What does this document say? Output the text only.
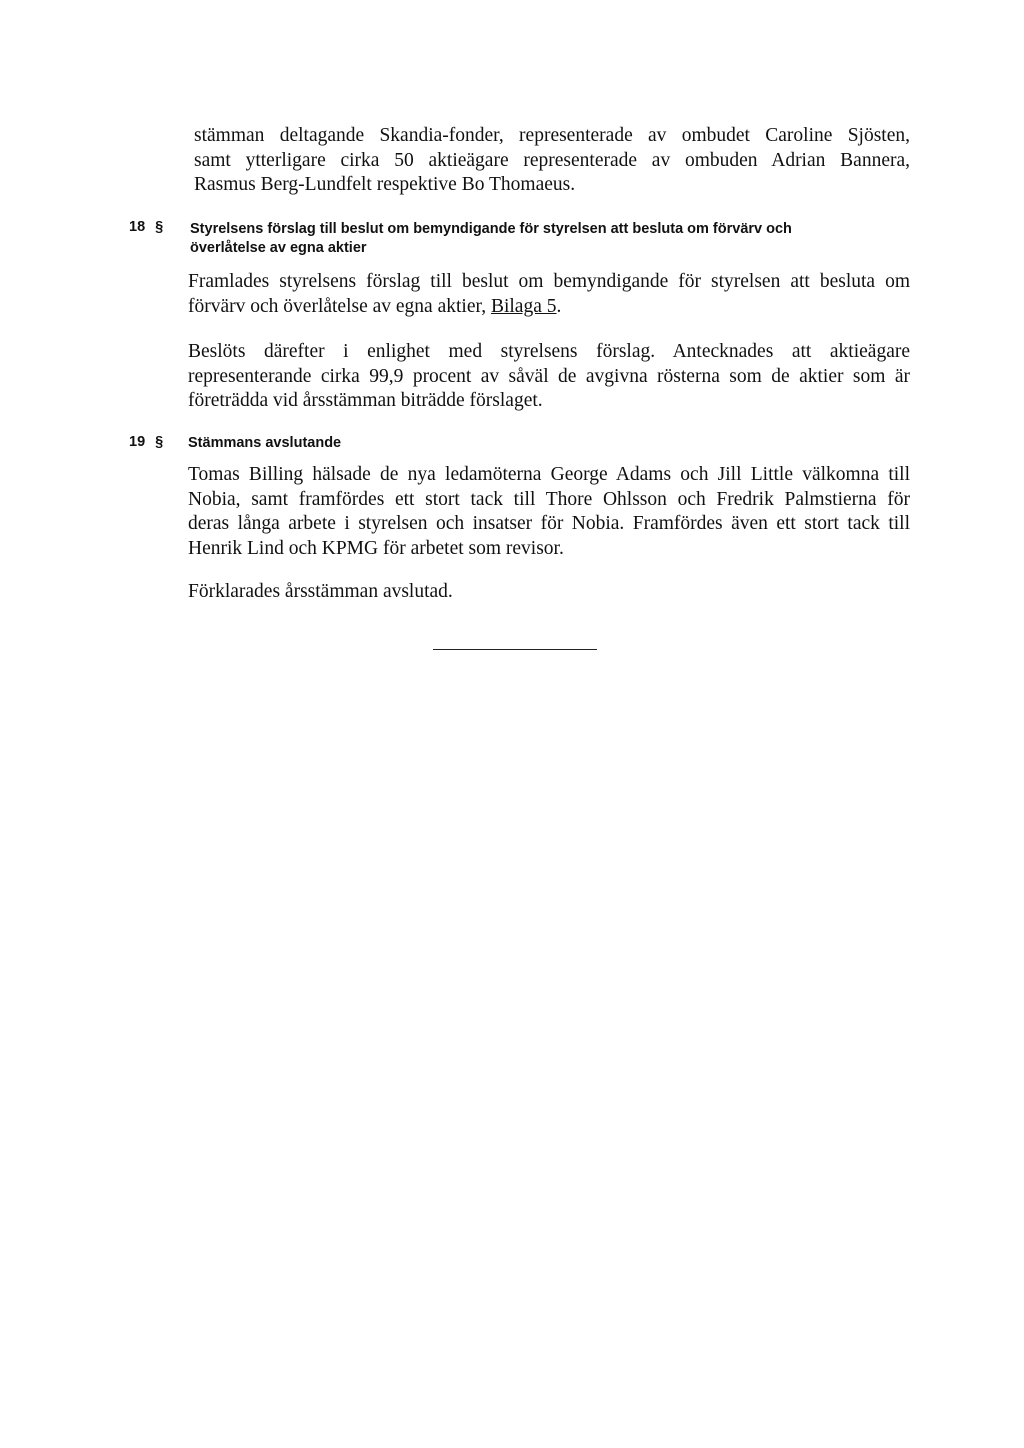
stämman deltagande Skandia-fonder, representerade av ombudet Caroline Sjösten,
samt ytterligare cirka 50 aktieägare representerade av ombuden Adrian Bannera,
Rasmus Berg-Lundfelt respektive Bo Thomaeus.
18 § Styrelsens förslag till beslut om bemyndigande för styrelsen att besluta om förvärv och
överlåtelse av egna aktier
Framlades styrelsens förslag till beslut om bemyndigande för styrelsen att besluta om
förvärv och överlåtelse av egna aktier, Bilaga 5.
Beslöts därefter i enlighet med styrelsens förslag. Antecknades att aktieägare
representerande cirka 99,9 procent av såväl de avgivna rösterna som de aktier som är
företrädda vid årsstämman biträdde förslaget.
19 § Stämmans avslutande
Tomas Billing hälsade de nya ledamöterna George Adams och Jill Little välkomna till
Nobia, samt framfördes ett stort tack till Thore Ohlsson och Fredrik Palmstierna för
deras långa arbete i styrelsen och insatser för Nobia. Framfördes även ett stort tack till
Henrik Lind och KPMG för arbetet som revisor.
Förklarades årsstämman avslutad.
